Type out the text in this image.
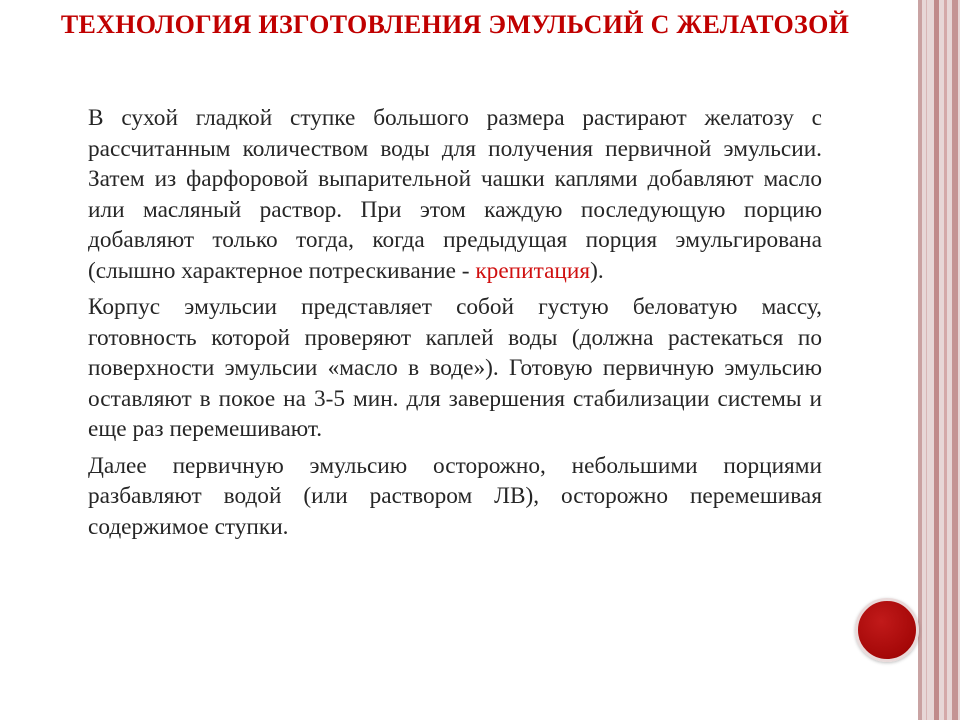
ТЕХНОЛОГИЯ ИЗГОТОВЛЕНИЯ ЭМУЛЬСИЙ С ЖЕЛАТОЗОЙ

В сухой гладкой ступке большого размера растирают желатозу с рассчитанным количеством воды для получения первичной эмульсии. Затем из фарфоровой выпарительной чашки каплями добавляют масло или масляный раствор. При этом каждую последующую порцию добавляют только тогда, когда предыдущая порция эмульгирована (слышно характерное потрескивание - крепитация).

Корпус эмульсии представляет собой густую беловатую массу, готовность которой проверяют каплей воды (должна растекаться по поверхности эмульсии «масло в воде»). Готовую первичную эмульсию оставляют в покое на 3-5 мин. для завершения стабилизации системы и еще раз перемешивают.

Далее первичную эмульсию осторожно, небольшими порциями разбавляют водой (или раствором ЛВ), осторожно перемешивая содержимое ступки.
